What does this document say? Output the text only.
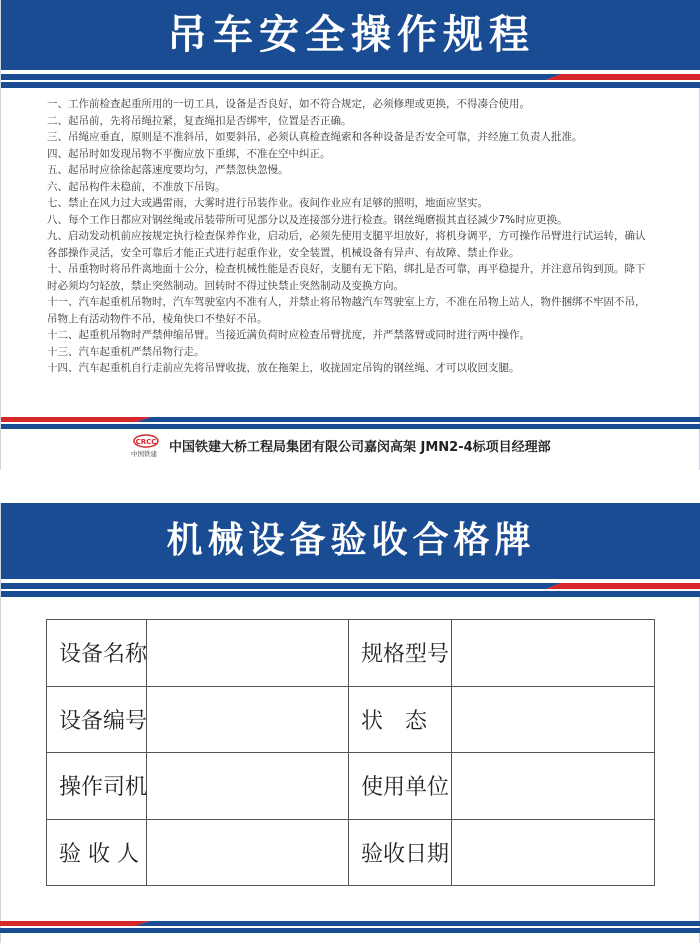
吊车安全操作规程
一、工作前检查起重所用的一切工具，设备是否良好，如不符合规定，必须修理或更换，不得凑合使用。
二、起吊前，先将吊绳拉紧，复查绳扣是否绑牢，位置是否正确。
三、吊绳应垂直，原则是不准斜吊，如要斜吊，必须认真检查绳索和各种设备是否安全可靠，并经施工负责人批准。
四、起吊时如发现吊物不平衡应放下重绑，不准在空中纠正。
五、起吊时应徐徐起落速度要均匀，严禁忽快忽慢。
六、起吊构件未稳前，不准放下吊钩。
七、禁止在风力过大或遇雷雨，大雾时进行吊装作业。夜间作业应有足够的照明，地面应坚实。
八、每个工作日都应对钢丝绳或吊装带所可见部分以及连接部分进行检查。钢丝绳磨损其直径减少7%时应更换。
九、启动发动机前应按规定执行检查保养作业，启动后，必须先使用支腿平坦放好，将机身调平，方可操作吊臂进行试运转，确认各部操作灵活，安全可靠后才能正式进行起重作业，安全装置，机械设备有异声、有故障、禁止作业。
十、吊重物时将吊件离地面十公分，检查机械性能是否良好，支腿有无下陷，绑扎是否可靠，再平稳提升，并注意吊钩到顶。降下时必须均匀轻放，禁止突然制动。回转时不得过快禁止突然制动及变换方向。
十一、汽车起重机吊物时，汽车驾驶室内不准有人，并禁止将吊物越汽车驾驶室上方，不准在吊物上站人，物件捆绑不牢固不吊，吊物上有活动物件不吊，棱角快口不垫好不吊。
十二、起重机吊物时严禁伸缩吊臂。当接近满负荷时应检查吊臂扰度，并严禁落臂或同时进行两中操作。
十三、汽车起重机严禁吊物行走。
十四、汽车起重机自行走前应先将吊臂收拢，放在拖架上，收拢固定吊钩的钢丝绳、才可以收回支腿。
CRCC
中国铁建 中国铁建大桥工程局集团有限公司嘉闵高架 JMN2-4标项目经理部
机械设备验收合格牌
设备名称		规格型号	
设备编号		状　态	
操作司机		使用单位	
验 收 人		验收日期	
